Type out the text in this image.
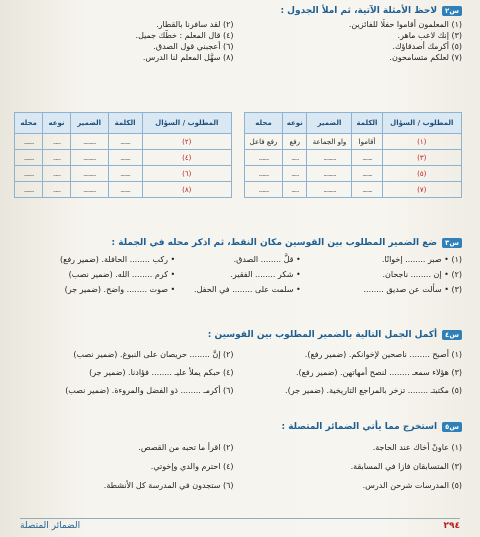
س٢
لاحظ الأمثلة الآتية، ثم املأ الجدول :
(١) المعلمون أقاموا حفلًا للفائزين.
(٣) إنك لاعب ماهر.
(٥) أكرمك أصدقاؤك.
(٧) لعلكم متسامحون.
(٢) لقد سافرنا بالقطار.
(٤) قال المعلم : خطُّك جميل.
(٦) أعجبني قول الصدق.
(٨) سهَّل المعلم لنا الدرس.
المطلوب / السؤال	الكلمة	الضمير	نوعه	محله
(١)	أقاموا	واو الجماعة	رفع	رفع فاعل
(٣)	........	..........	......	........
(٥)	........	..........	......	........
(٧)	........	..........	......	........
المطلوب / السؤال	الكلمة	الضمير	نوعه	محله
(٢)	........	..........	......	........
(٤)	........	..........	......	........
(٦)	........	..........	......	........
(٨)	........	..........	......	........
س٣
ضع الضمير المطلوب بين القوسين مكان النقط، ثم اذكر محله في الجملة :
(١) • صبر ........ إخوانًا.
(٢) • إن ........ ناجحان.
(٣) • سألت عن صديق ........
• قلَّ ........ الصدق.
• شكر ........ الفقير.
• سلمت على ........ في الحفل.
• ركب ........ الحافلة. (ضمير رفع)
• كرم ........ الله. (ضمير نصب)
• صوت ........ واضح. (ضمير جر)
س٤
أكمل الجمل التالية بالضمير المطلوب بين القوسين :
(١) أصبح ........ ناصحين لإخوانكم. (ضمير رفع).
(٣) هؤلاء سمعـ ........ لنصح أمهاتهن. (ضمير رفع).
(٥) مكتبتـ ........ تزخر بالمراجع التاريخية. (ضمير جر).
(٢) إنَّ ........ حريصان على النبوغ. (ضمير نصب)
(٤) حبكم يملأ عليـ ........ فؤادنا. (ضمير جر)
(٦) أكرمـ ........ ذو الفضل والمروءة. (ضمير نصب)
س٥
استخرج مما يأتي الضمائر المتصلة :
(١) عاونْ أخاك عند الحاجة.
(٣) المتسابقان فازا في المسابقة.
(٥) المدرسات شرحن الدرس.
(٢) اقرأ ما تحبه من القصص.
(٤) احترم والدي وإخوتي.
(٦) ستجدون في المدرسة كل الأنشطة.
٢٩٤
الضمائر المتصلة
